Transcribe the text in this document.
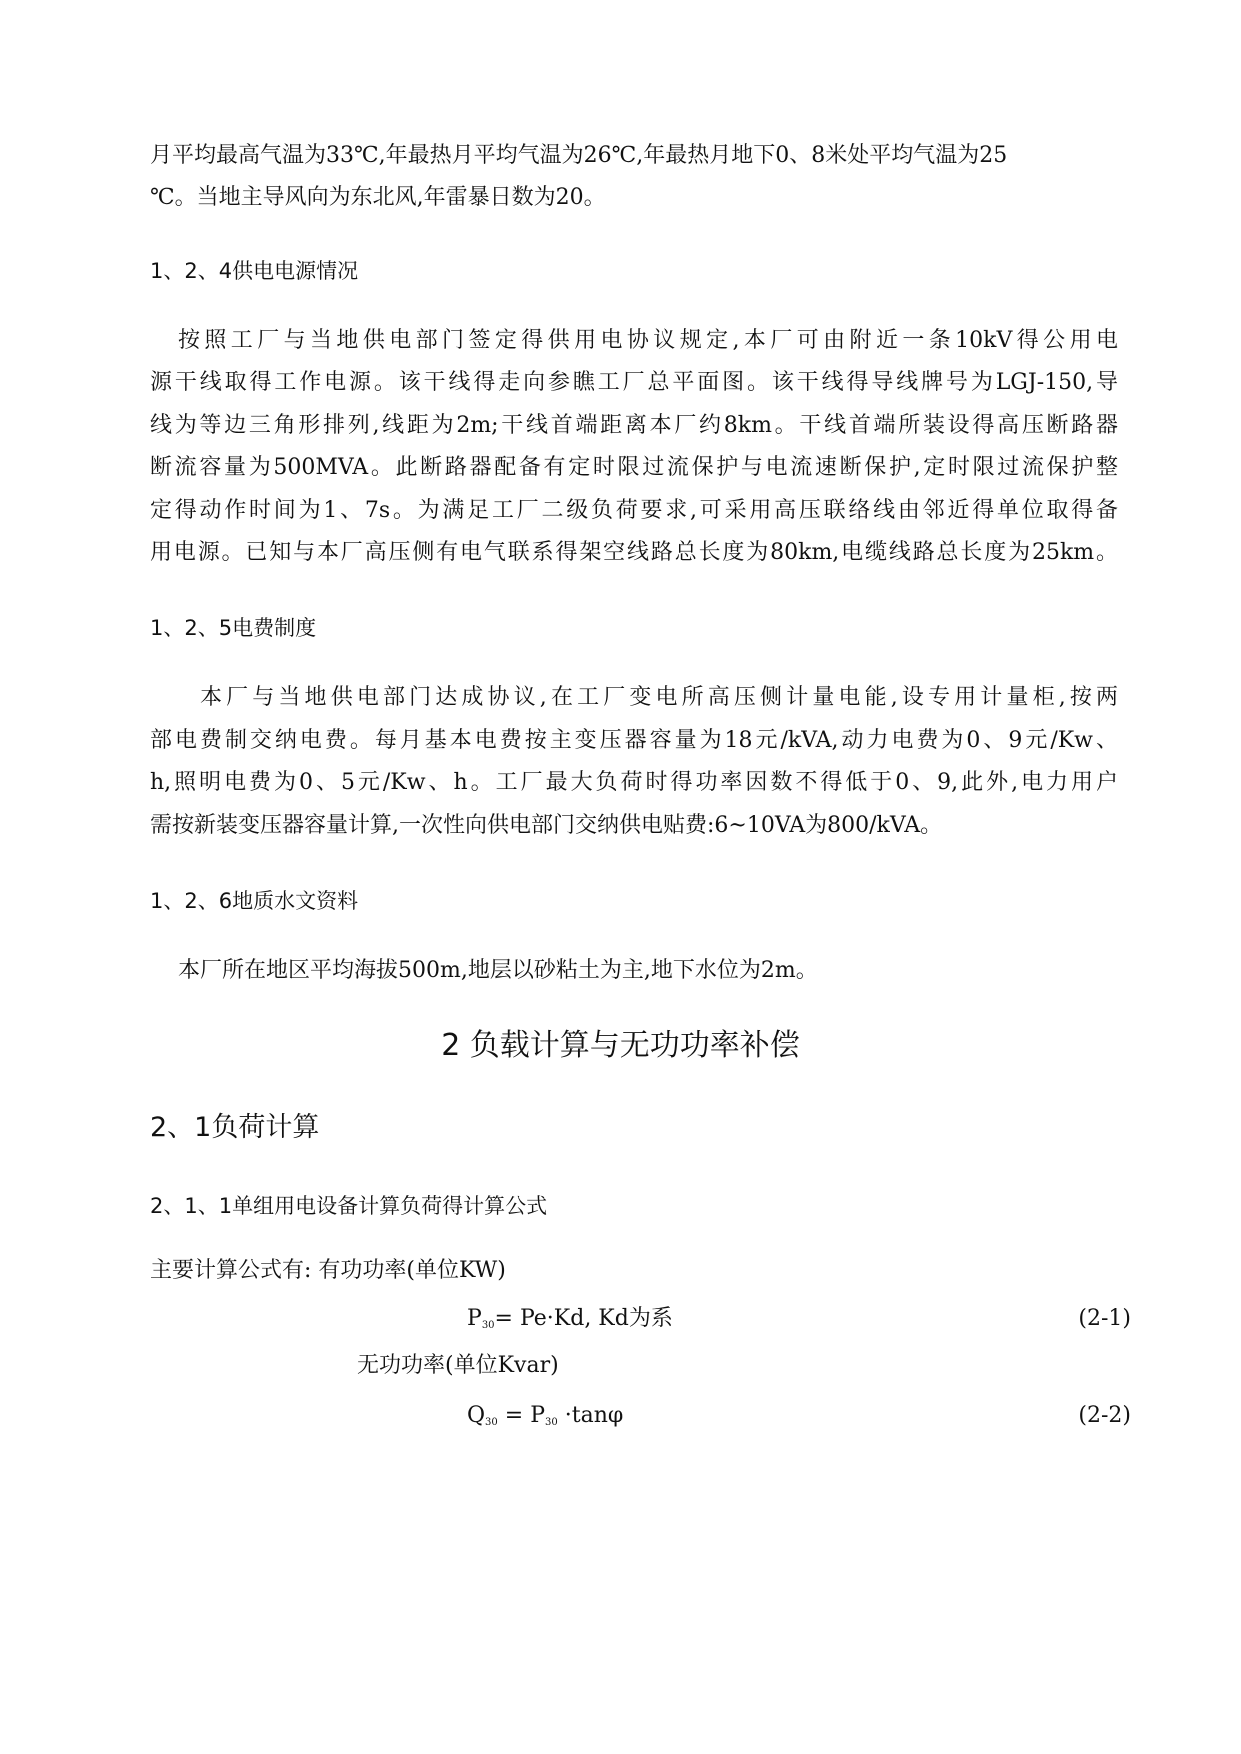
月平均最高气温为33℃,年最热月平均气温为26℃,年最热月地下0、8米处平均气温为25
℃。当地主导风向为东北风,年雷暴日数为20。
1、2、4供电电源情况
按照工厂与当地供电部门签定得供用电协议规定,本厂可由附近一条10kV得公用电
源干线取得工作电源。该干线得走向参瞧工厂总平面图。该干线得导线牌号为LGJ-150,导
线为等边三角形排列,线距为2m;干线首端距离本厂约8km。干线首端所装设得高压断路器
断流容量为500MVA。此断路器配备有定时限过流保护与电流速断保护,定时限过流保护整
定得动作时间为1、7s。为满足工厂二级负荷要求,可采用高压联络线由邻近得单位取得备
用电源。已知与本厂高压侧有电气联系得架空线路总长度为80km,电缆线路总长度为25km。
1、2、5电费制度
本厂与当地供电部门达成协议,在工厂变电所高压侧计量电能,设专用计量柜,按两
部电费制交纳电费。每月基本电费按主变压器容量为18元/kVA,动力电费为0、9元/Kw、
h,照明电费为0、5元/Kw、h。工厂最大负荷时得功率因数不得低于0、9,此外,电力用户
需按新装变压器容量计算,一次性向供电部门交纳供电贴费:6~10VA为800/kVA。
1、2、6地质水文资料
本厂所在地区平均海拔500m,地层以砂粘土为主,地下水位为2m。
2 负载计算与无功功率补偿
2、1负荷计算
2、1、1单组用电设备计算负荷得计算公式
主要计算公式有: 有功功率(单位KW)
$P_{30}= Pe\cdot Kd$, Kd为系	(2-1)
无功功率(单位Kvar)
$Q_{30} = P_{30} \cdot\tan\varphi$	(2-2)
